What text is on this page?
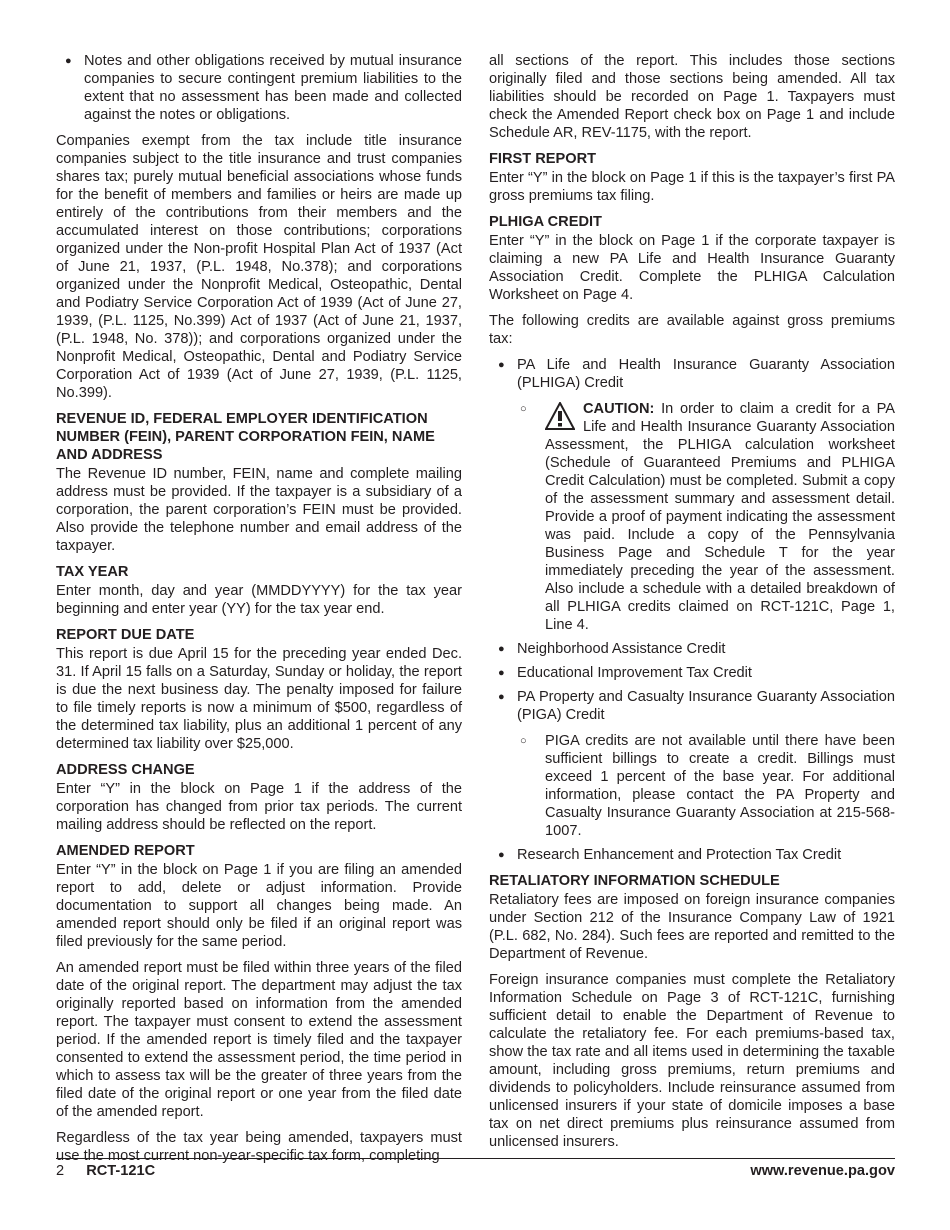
● Notes and other obligations received by mutual insurance companies to secure contingent premium liabilities to the extent that no assessment has been made and collected against the notes or obligations.

Companies exempt from the tax include title insurance companies subject to the title insurance and trust companies shares tax; purely mutual beneficial associations whose funds for the benefit of members and families or heirs are made up entirely of the contributions from their members and the accumulated interest on those contributions; corporations organized under the Non-profit Hospital Plan Act of 1937 (Act of June 21, 1937, (P.L. 1948, No.378); and corporations organized under the Nonprofit Medical, Osteopathic, Dental and Podiatry Service Corporation Act of 1939 (Act of June 27, 1939, (P.L. 1125, No.399) Act of 1937 (Act of June 21, 1937, (P.L. 1948, No. 378)); and corporations organized under the Nonprofit Medical, Osteopathic, Dental and Podiatry Service Corporation Act of 1939 (Act of June 27, 1939, (P.L. 1125, No.399).

REVENUE ID, FEDERAL EMPLOYER IDENTIFICATION NUMBER (FEIN), PARENT CORPORATION FEIN, NAME AND ADDRESS

The Revenue ID number, FEIN, name and complete mailing address must be provided. If the taxpayer is a subsidiary of a corporation, the parent corporation’s FEIN must be provided. Also provide the telephone number and email address of the taxpayer.

TAX YEAR

Enter month, day and year (MMDDYYYY) for the tax year beginning and enter year (YY) for the tax year end.

REPORT DUE DATE

This report is due April 15 for the preceding year ended Dec. 31. If April 15 falls on a Saturday, Sunday or holiday, the report is due the next business day. The penalty imposed for failure to file timely reports is now a minimum of $500, regardless of the determined tax liability, plus an additional 1 percent of any determined tax liability over $25,000.

ADDRESS CHANGE

Enter “Y” in the block on Page 1 if the address of the corporation has changed from prior tax periods. The current mailing address should be reflected on the report.

AMENDED REPORT

Enter “Y” in the block on Page 1 if you are filing an amended report to add, delete or adjust information. Provide documentation to support all changes being made. An amended report should only be filed if an original report was filed previously for the same period.

An amended report must be filed within three years of the filed date of the original report. The department may adjust the tax originally reported based on information from the amended report. The taxpayer must consent to extend the assessment period. If the amended report is timely filed and the taxpayer consented to extend the assessment period, the time period in which to assess tax will be the greater of three years from the filed date of the original report or one year from the filed date of the amended report.

Regardless of the tax year being amended, taxpayers must use the most current non-year-specific tax form, completing

all sections of the report. This includes those sections originally filed and those sections being amended. All tax liabilities should be recorded on Page 1. Taxpayers must check the Amended Report check box on Page 1 and include Schedule AR, REV-1175, with the report.

FIRST REPORT

Enter “Y” in the block on Page 1 if this is the taxpayer’s first PA gross premiums tax filing.

PLHIGA CREDIT

Enter “Y” in the block on Page 1 if the corporate taxpayer is claiming a new PA Life and Health Insurance Guaranty Association Credit. Complete the PLHIGA Calculation Worksheet on Page 4.

The following credits are available against gross premiums tax:

● PA Life and Health Insurance Guaranty Association (PLHIGA) Credit
○ CAUTION: In order to claim a credit for a PA Life and Health Insurance Guaranty Association Assessment, the PLHIGA calculation worksheet (Schedule of Guaranteed Premiums and PLHIGA Credit Calculation) must be completed. Submit a copy of the assessment summary and assessment detail. Provide a proof of payment indicating the assessment was paid. Include a copy of the Pennsylvania Business Page and Schedule T for the year immediately preceding the year of the assessment. Also include a schedule with a detailed breakdown of all PLHIGA credits claimed on RCT-121C, Page 1, Line 4.
● Neighborhood Assistance Credit
● Educational Improvement Tax Credit
● PA Property and Casualty Insurance Guaranty Association (PIGA) Credit
○ PIGA credits are not available until there have been sufficient billings to create a credit. Billings must exceed 1 percent of the base year. For additional information, please contact the PA Property and Casualty Insurance Guaranty Association at 215-568-1007.
● Research Enhancement and Protection Tax Credit
RETALIATORY INFORMATION SCHEDULE

Retaliatory fees are imposed on foreign insurance companies under Section 212 of the Insurance Company Law of 1921 (P.L. 682, No. 284). Such fees are reported and remitted to the Department of Revenue.

Foreign insurance companies must complete the Retaliatory Information Schedule on Page 3 of RCT-121C, furnishing sufficient detail to enable the Department of Revenue to calculate the retaliatory fee. For each premiums-based tax, show the tax rate and all items used in determining the taxable amount, including gross premiums, return premiums and dividends to policyholders. Include reinsurance assumed from unlicensed insurers if your state of domicile imposes a base tax on net direct premiums plus reinsurance assumed from unlicensed insurers.

2 RCT-121C	www.revenue.pa.gov
